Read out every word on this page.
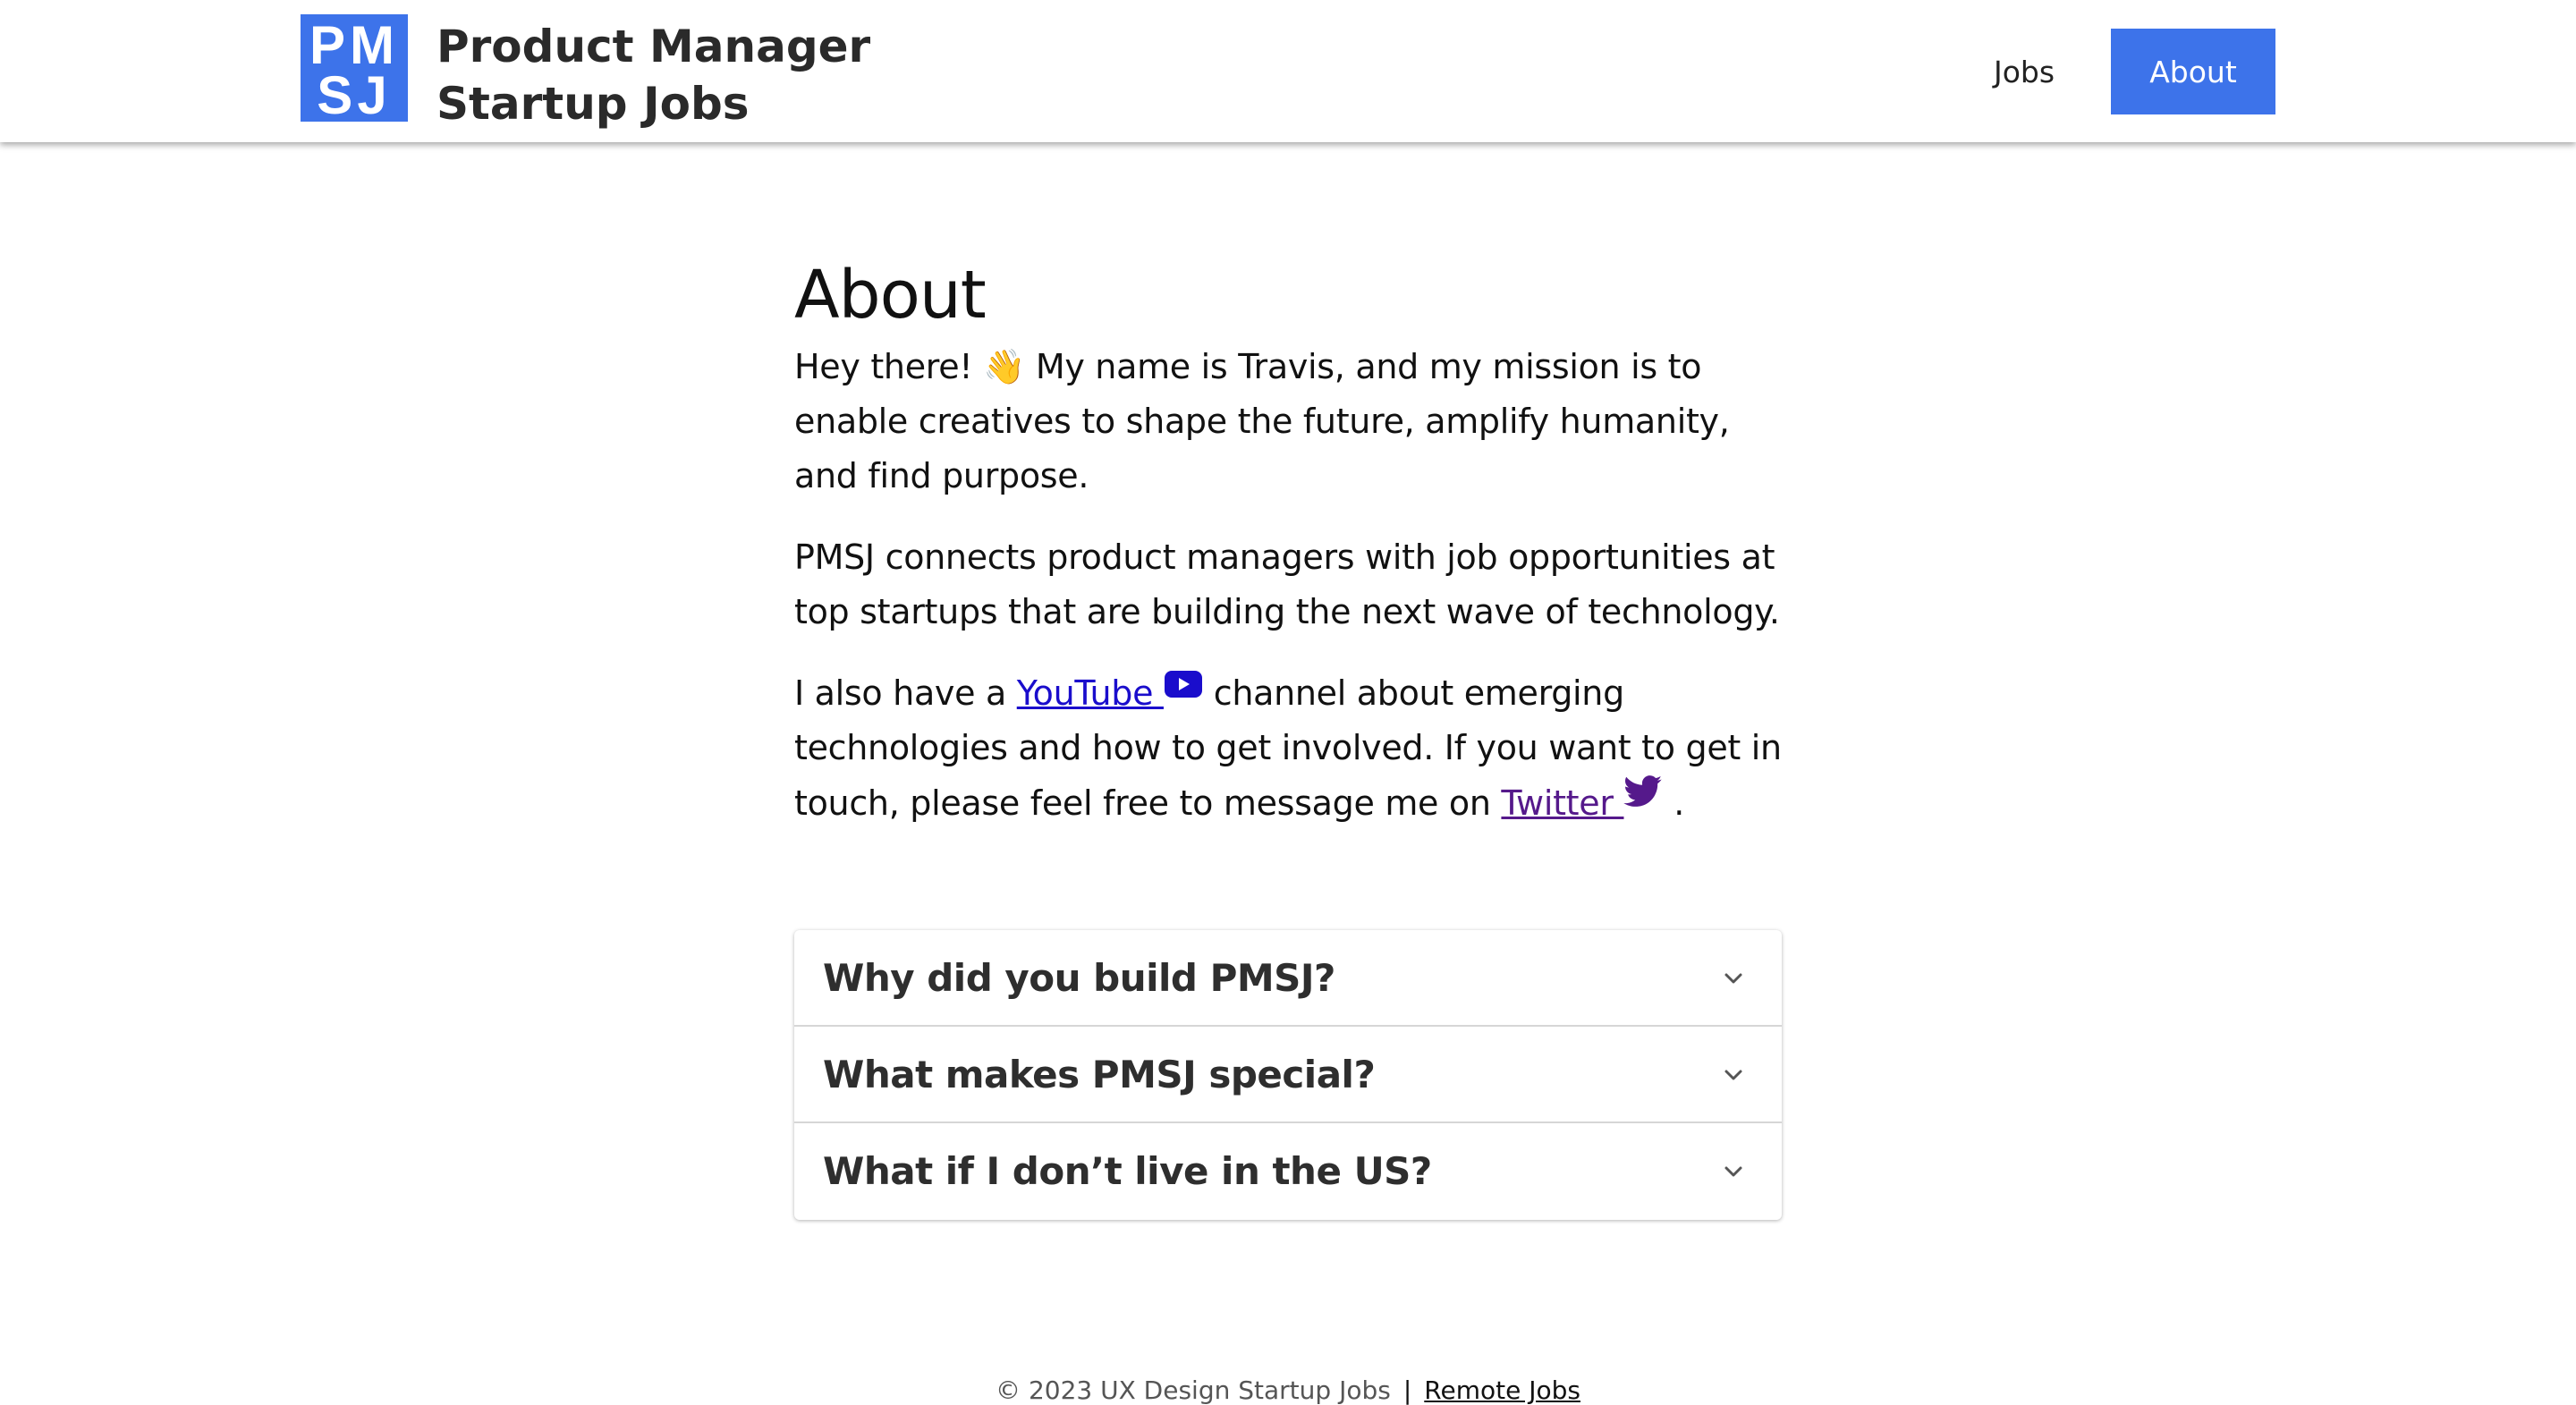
PM
SJ
Product Manager
Startup Jobs
Jobs	About
About

Hey there! 👋 My name is Travis, and my mission is to enable creatives to shape the future, amplify humanity, and find purpose.

PMSJ connects product managers with job opportunities at top startups that are building the next wave of technology.

I also have a YouTube  channel about emerging technologies and how to get involved. If you want to get in touch, please feel free to message me on Twitter  .

Why did you build PMSJ?
What makes PMSJ special?
What if I don’t live in the US?
© 2023 UX Design Startup Jobs | Remote Jobs
